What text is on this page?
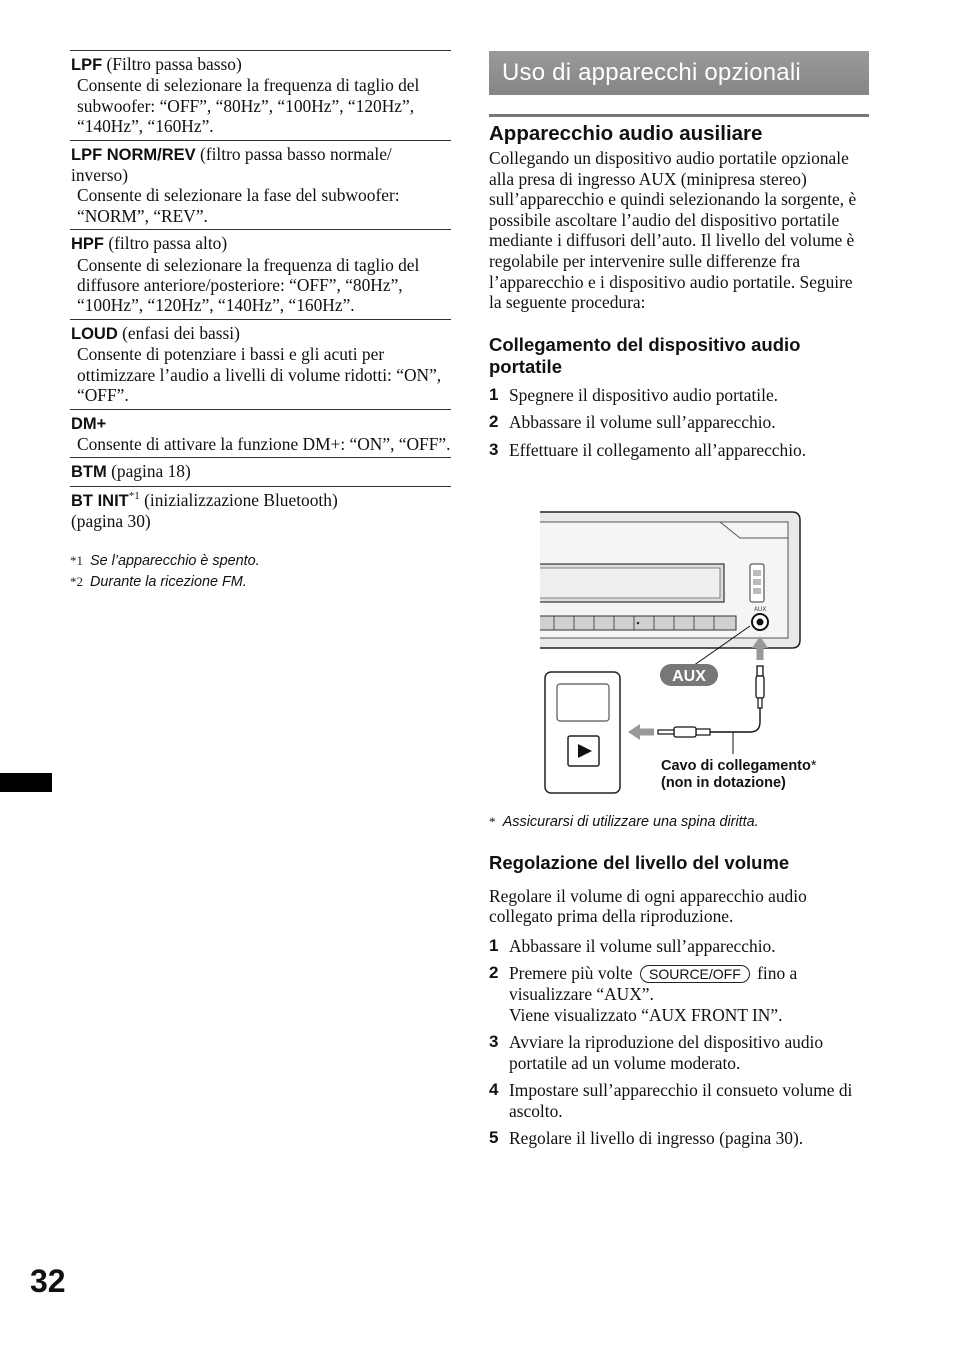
LPF (Filtro passa basso)
Consente di selezionare la frequenza di taglio del subwoofer: “OFF”, “80Hz”, “100Hz”, “120Hz”, “140Hz”, “160Hz”.
LPF NORM/REV (filtro passa basso normale/ inverso)
Consente di selezionare la fase del subwoofer: “NORM”, “REV”.
HPF (filtro passa alto)
Consente di selezionare la frequenza di taglio del diffusore anteriore/posteriore: “OFF”, “80Hz”, “100Hz”, “120Hz”, “140Hz”, “160Hz”.
LOUD (enfasi dei bassi)
Consente di potenziare i bassi e gli acuti per ottimizzare l’audio a livelli di volume ridotti: “ON”, “OFF”.
DM+
Consente di attivare la funzione DM+: “ON”, “OFF”.
BTM (pagina 18)
BT INIT$^{*1}$ (inizializzazione Bluetooth)
(pagina 30)
*1 Se l’apparecchio è spento.
*2 Durante la ricezione FM.
32
Uso di apparecchi opzionali
Apparecchio audio ausiliare

Collegando un dispositivo audio portatile opzionale alla presa di ingresso AUX (minipresa stereo) sull’apparecchio e quindi selezionando la sorgente, è possibile ascoltare l’audio del dispositivo portatile mediante i diffusori dell’auto. Il livello del volume è regolabile per intervenire sulle differenze fra l’apparecchio e i dispositivo audio portatile. Seguire la seguente procedura:

Collegamento del dispositivo audio portatile
1 Spegnere il dispositivo audio portatile.
2 Abbassare il volume sull’apparecchio.
3 Effettuare il collegamento all’apparecchio.
* Assicurarsi di utilizzare una spina diritta.
Regolazione del livello del volume

Regolare il volume di ogni apparecchio audio collegato prima della riproduzione.

1 Abbassare il volume sull’apparecchio.
2 Premere più volte SOURCE/OFF fino a visualizzare “AUX”.
Viene visualizzato “AUX FRONT IN”.
3 Avviare la riproduzione del dispositivo audio portatile ad un volume moderato.
4 Impostare sull’apparecchio il consueto volume di ascolto.
5 Regolare il livello di ingresso (pagina 30).
AUX
AUX
Cavo di collegamento*
(non in dotazione)
